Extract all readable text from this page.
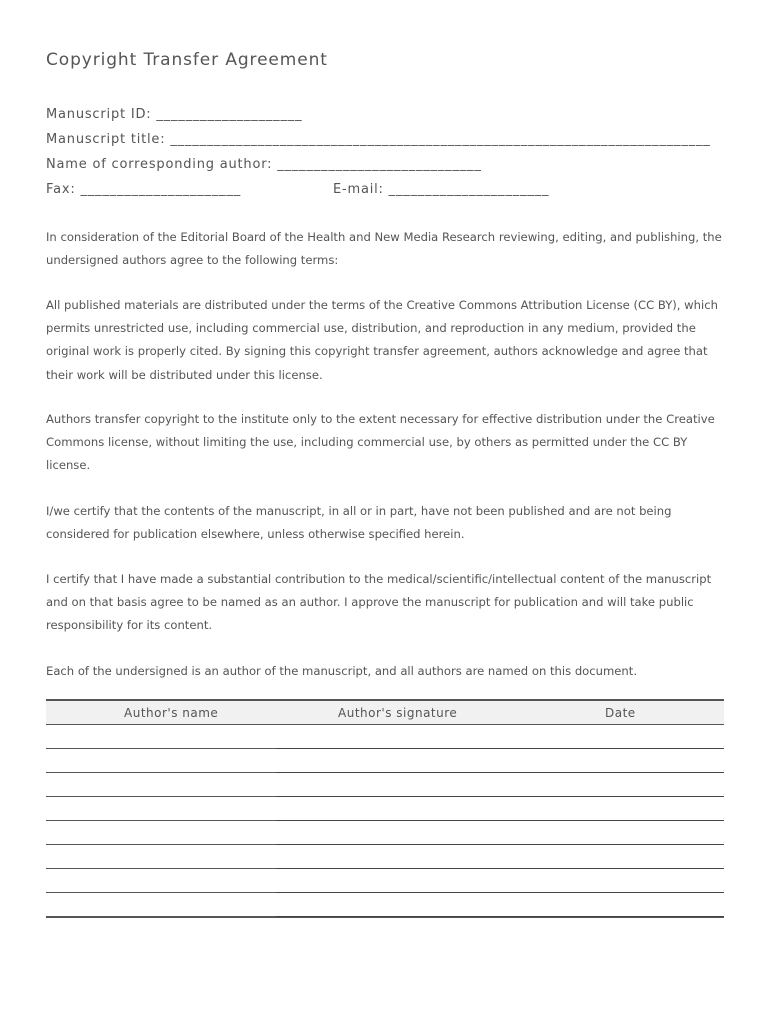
Copyright Transfer Agreement
Manuscript ID: ____________________
Manuscript title: __________________________________________________________________________
Name of corresponding author: ____________________________
Fax: ______________________	E-mail: ______________________

In consideration of the Editorial Board of the Health and New Media Research reviewing, editing, and publishing, the undersigned authors agree to the following terms:

All published materials are distributed under the terms of the Creative Commons Attribution License (CC BY), which permits unrestricted use, including commercial use, distribution, and reproduction in any medium, provided the original work is properly cited. By signing this copyright transfer agreement, authors acknowledge and agree that their work will be distributed under this license.

Authors transfer copyright to the institute only to the extent necessary for effective distribution under the Creative Commons license, without limiting the use, including commercial use, by others as permitted under the CC BY license.

I/we certify that the contents of the manuscript, in all or in part, have not been published and are not being considered for publication elsewhere, unless otherwise specified herein.

I certify that I have made a substantial contribution to the medical/scientific/intellectual content of the manuscript and on that basis agree to be named as an author. I approve the manuscript for publication and will take public responsibility for its content.

Each of the undersigned is an author of the manuscript, and all authors are named on this document.

Author's name	Author's signature	Date
